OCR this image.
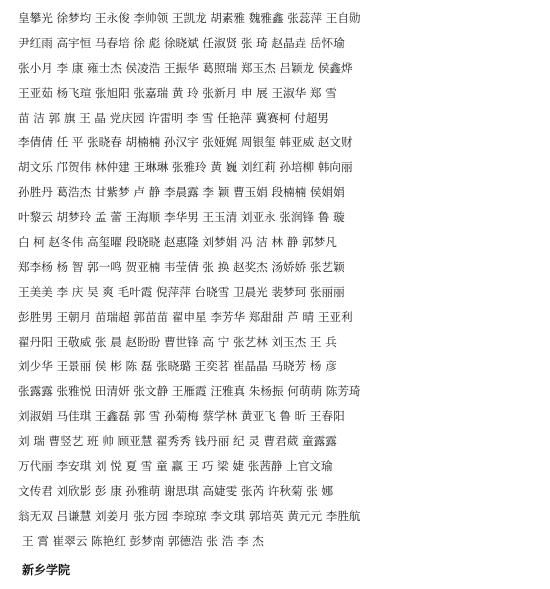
皇攀光 徐梦均 王永俊 李帅领 王凯龙 胡素雅 魏雅鑫 张蕊萍 王自勋
尹红雨 高宇恒 马春培 徐 彪 徐晓斌 任淑贤 张 琦 赵晶垚 岳怀瑜
张小月 李 康 雍士杰 侯凌浩 王振华 葛照瑞 郑玉杰 吕颖龙 侯鑫烨
王亚茹 杨飞瑄 张旭阳 张嘉瑞 黄 玲 张新月 申 展 王淑华 郑 雪
苗 洁 郭 旗 王 晶 党庆园 许雷明 李 雪 任艳萍 冀赛柯 付超男
李倩倩 任 平 张晓春 胡楠楠 孙汉宇 张娅娓 周银玺 韩亚威 赵文财
胡文乐 邝贺伟 林仲建 王琳琳 张雅玲 黄 巍 刘红莉 孙培柳 韩向丽
孙胜丹 葛浩杰 甘紫梦 卢 静 李晨露 李 颖 曹玉娟 段楠楠 侯娟娟
叶黎云 胡梦玲 孟 蕾 王海顺 李华男 王玉清 刘亚永 张润锋 鲁 璇
白 柯 赵冬伟 高玺曜 段晓晓 赵惠隆 刘梦娟 冯 洁 林 静 郭梦凡
郑李杨 杨 智 郭一鸣 贺亚楠 韦莹倩 张 换 赵奖杰 汤娇娇 张艺颖
王美美 李 庆 吴 爽 毛叶霞 倪萍萍 台晓雪 卫晨光 裴梦珂 张丽丽
彭胜男 王朝月 苗瑞超 郭苗苗 翟申星 李芳华 郑甜甜 芦 晴 王亚利
翟丹阳 王敬威 张 晨 赵盼盼 曹世锋 高 宁 张艺林 刘玉杰 王 兵
刘少华 王景丽 侯 彬 陈 磊 张晓璐 王奕茗 崔晶晶 马晓芳 杨 彦
张露露 张雅悦 田清妍 张文静 王雁霞 汪雅真 朱杨振 何萌萌 陈芳琦
刘淑娟 马佳琪 王鑫磊 郭 雪 孙菊梅 蔡学林 黄亚飞 鲁 昕 王春阳
刘 瑞 曹竖艺 班 帅 顾亚慧 翟秀秀 钱丹丽 纪 灵 曹君葳 童露露
万代丽 李安琪 刘 悦 夏 雪 童 赢 王 巧 梁 婕 张茜静 上官文瑜
文传君 刘欣影 彭 康 孙雅萌 谢思琪 高婕雯 张芮 许秋菊 张 娜
翁无双 吕谦慧 刘姜月 张方园 李琼琼 李文琪 郭培英 黄元元 李胜航
王 霄 崔翠云 陈艳红 彭梦南 郭德浩 张 浩 李 杰
新乡学院
